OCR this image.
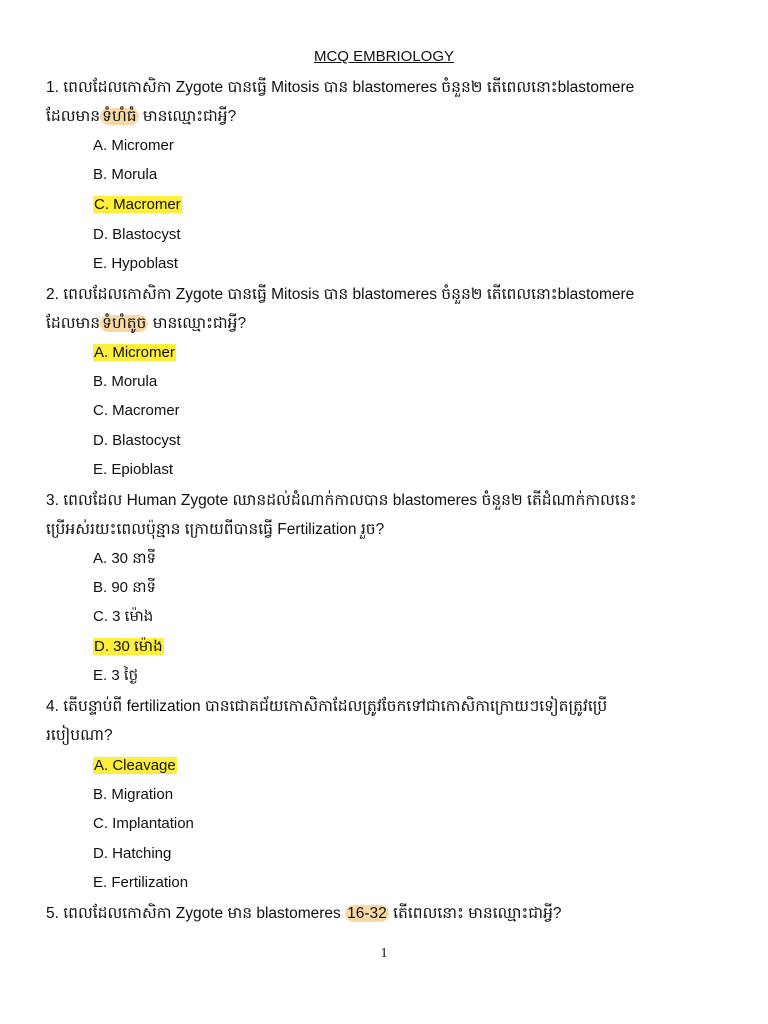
MCQ EMBRIOLOGY
1. ពេលដែលកោសិកា Zygote បានធ្វើ Mitosis បាន blastomeres ចំនួន២ តើពេលនោះblastomere
ដែលមាន ទំហំធំ មានឈ្មោះជាអ្វី?
A. Micromer
B. Morula
C. Macromer
D. Blastocyst
E. Hypoblast
2. ពេលដែលកោសិកា Zygote បានធ្វើ Mitosis បាន blastomeres ចំនួន២ តើពេលនោះblastomere
ដែលមាន ទំហំតូច មានឈ្មោះជាអ្វី?
A. Micromer
B. Morula
C. Macromer
D. Blastocyst
E. Epioblast
3. ពេលដែល Human Zygote ឈានដល់ដំណាក់កាលបាន blastomeres ចំនួន២ តើដំណាក់កាលនេះ
ប្រើអស់រយះពេលប៉ុន្មាន ក្រោយពីបានធ្វើ Fertilization រួច?
A. 30 នាទី
B. 90 នាទី
C. 3 ម៉ោង
D. 30 ម៉ោង
E. 3 ថ្ងៃ
4. តើបន្ទាប់ពី fertilization បានជោគជ័យកោសិកាដែលត្រូវចែកទៅជាកោសិកាក្រោយៗទៀតត្រូវប្រើ
របៀបណា?
A. Cleavage
B. Migration
C. Implantation
D. Hatching
E. Fertilization
5. ពេលដែលកោសិកា Zygote មាន blastomeres 16-32 តើពេលនោះ មានឈ្មោះជាអ្វី?
1
